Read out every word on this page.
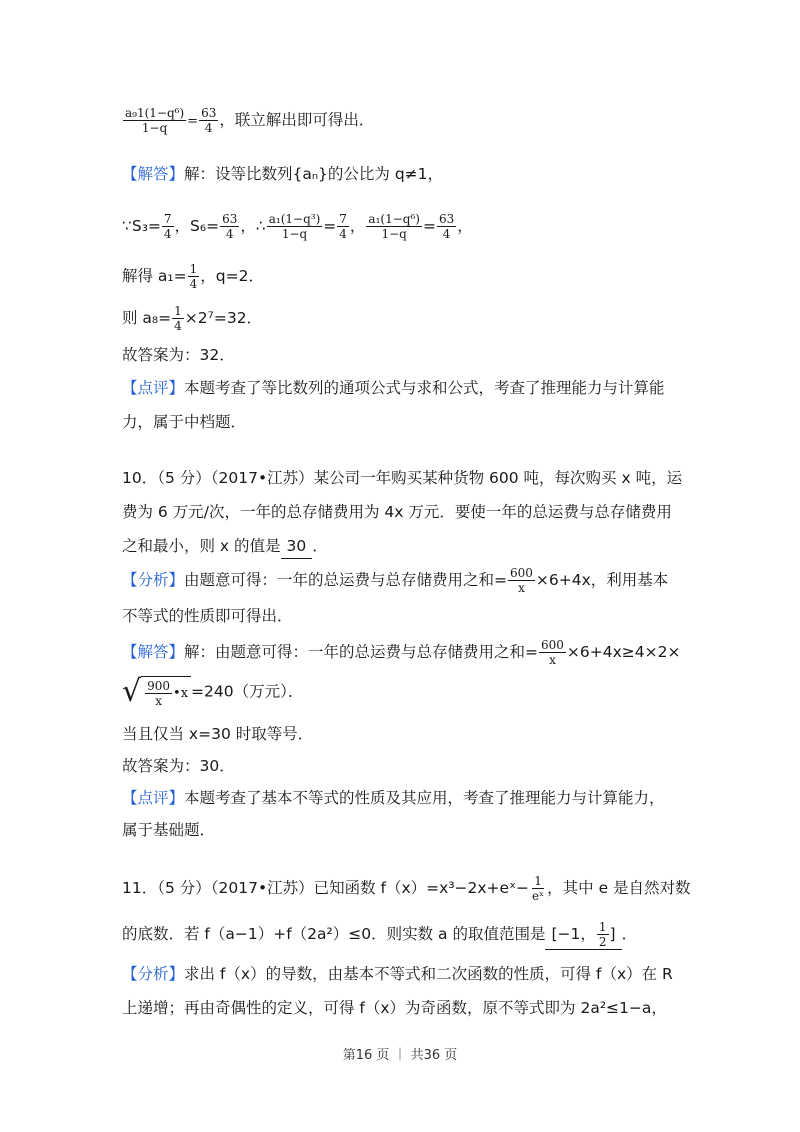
$\frac{\text{a₉1(1−q⁶)}}{1-q} = \frac{63}{4}$ ，联立解出即可得出．
【解答】解：设等比数列{aₙ}的公比为 q≠1，
∵S₃= $\frac{7}{4}$ ，$S_6= \frac{63}{4}$ ，∴ $\frac{\text{a₁(1−q³)}}{1-q} = \frac{7}{4}$ ， $\frac{\text{a₁(1−q⁶)}}{1-q} = \frac{63}{4}$ ，
解得 $a_1= \frac{1}{4}$ ，q=2．
则 $a_8= \frac{1}{4} \times 2^7=32$．
故答案为：32．
【点评】本题考查了等比数列的通项公式与求和公式，考查了推理能力与计算能
力，属于中档题．
10．（5 分）（2017•江苏）某公司一年购买某种货物 600 吨，每次购买 x 吨，运
费为 6 万元/次，一年的总存储费用为 4x 万元．要使一年的总运费与总存储费用
之和最小，则 x 的值是 30 ．
【分析】由题意可得：一年的总运费与总存储费用之和= $\frac{600}{x} \times 6+4x$，利用基本
不等式的性质即可得出．
【解答】解：由题意可得：一年的总运费与总存储费用之和= $\frac{600}{x} \times 6+4x\ge 4\times 2\times$
√ $\frac{900}{x}$ •x =240（万元）．
当且仅当 x=30 时取等号．
故答案为：30．
【点评】本题考查了基本不等式的性质及其应用，考查了推理能力与计算能力，
属于基础题．
11．（5 分）（2017•江苏）已知函数 f（x）=x³−2x+eˣ− $\frac{1}{\text{eˣ}}$ ，其中 e 是自然对数
的底数．若 f（a−1）+f（2a²）≤0．则实数 a 的取值范围是 [−1， $\frac{1}{2}$ ] ．
【分析】求出 f（x）的导数，由基本不等式和二次函数的性质，可得 f（x）在 R
上递增；再由奇偶性的定义，可得 f（x）为奇函数，原不等式即为 2a²≤1−a，
第16 页 ｜ 共36 页
